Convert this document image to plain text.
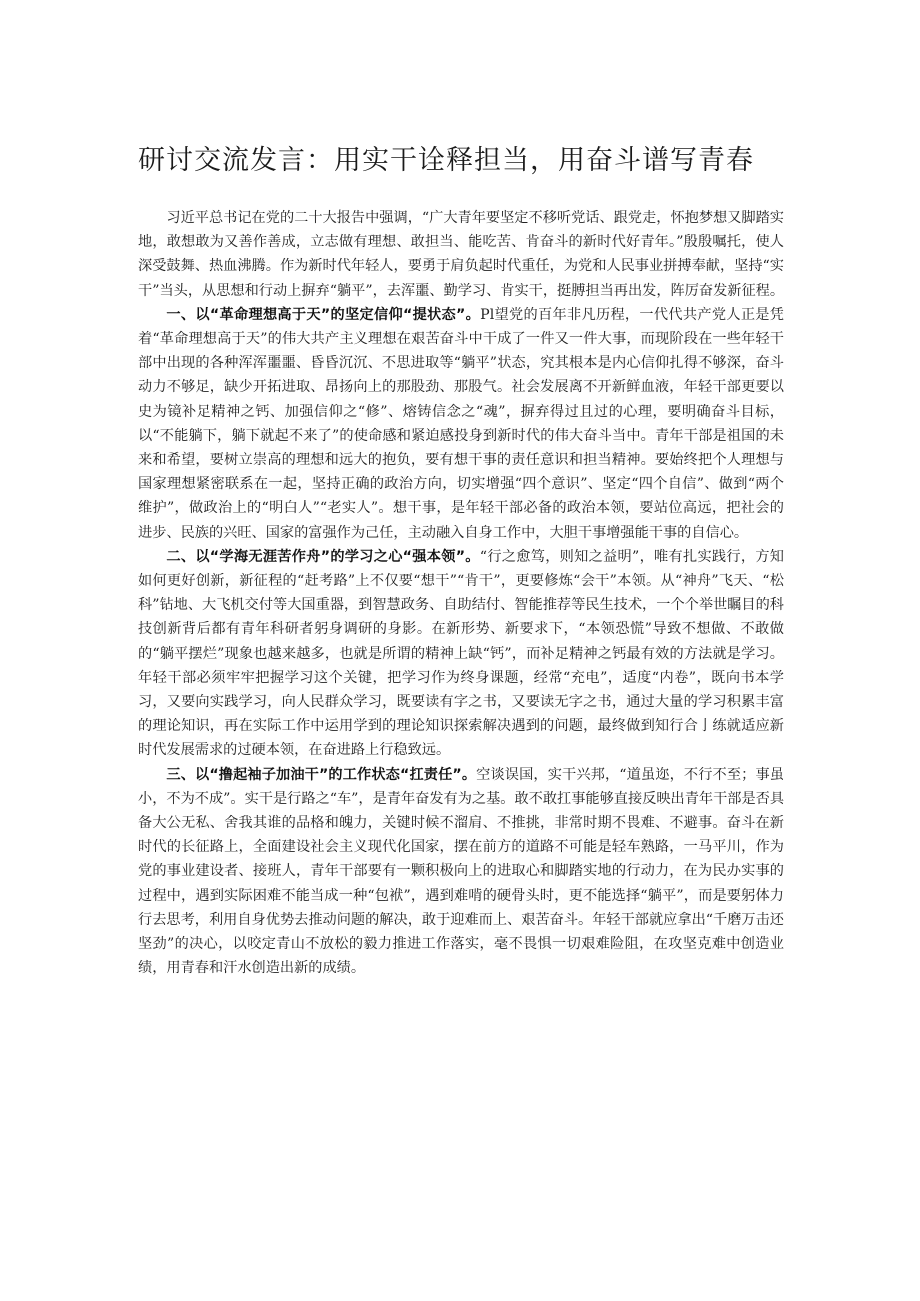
研讨交流发言：用实干诠释担当，用奋斗谱写青春

习近平总书记在党的二十大报告中强调，“广大青年要坚定不移听党话、跟党走，怀抱梦想又脚踏实地，敢想敢为又善作善成，立志做有理想、敢担当、能吃苦、肯奋斗的新时代好青年。”殷殷嘱托，使人深受鼓舞、热血沸腾。作为新时代年轻人，要勇于肩负起时代重任，为党和人民事业拼搏奉献，坚持“实干”当头，从思想和行动上摒弃“躺平”，去浑噩、勤学习、肯实干，挺膊担当再出发，阵厉奋发新征程。

一、以“革命理想高于天”的坚定信仰“提状态”。Pl望党的百年非凡历程，一代代共产党人正是凭着“革命理想高于天”的伟大共产主义理想在艰苦奋斗中干成了一件又一件大事，而现阶段在一些年轻干部中出现的各种浑浑噩噩、昏昏沉沉、不思进取等“躺平”状态，究其根本是内心信仰扎得不够深，奋斗动力不够足，缺少开拓进取、昂扬向上的那股劲、那股气。社会发展离不开新鲜血液，年轻干部更要以史为镜补足精神之钙、加强信仰之“修”、熔铸信念之“魂”，摒弃得过且过的心理，要明确奋斗目标，以“不能躺下，躺下就起不来了”的使命感和紧迫感投身到新时代的伟大奋斗当中。青年干部是祖国的未来和希望，要树立崇高的理想和远大的抱负，要有想干事的责任意识和担当精神。要始终把个人理想与国家理想紧密联系在一起，坚持正确的政治方向，切实增强“四个意识”、坚定“四个自信”、做到“两个维护”，做政治上的“明白人”“老实人”。想干事，是年轻干部必备的政治本领，要站位高远，把社会的进步、民族的兴旺、国家的富强作为己任，主动融入自身工作中，大胆干事增强能干事的自信心。

二、以“学海无涯苦作舟”的学习之心“强本领”。“行之愈笃，则知之益明”，唯有扎实践行，方知如何更好创新，新征程的“赶考路”上不仅要“想干”“肯干”，更要修炼“会干”本领。从“神舟”飞天、“松科”钻地、大飞机交付等大国重器，到智慧政务、自助结付、智能推荐等民生技术，一个个举世瞩目的科技创新背后都有青年科研者躬身调研的身影。在新形势、新要求下，“本领恐慌”导致不想做、不敢做的“躺平摆烂”现象也越来越多，也就是所谓的精神上缺“钙”，而补足精神之钙最有效的方法就是学习。年轻干部必须牢牢把握学习这个关键，把学习作为终身课题，经常“充电”，适度“内卷”，既向书本学习，又要向实践学习，向人民群众学习，既要读有字之书，又要读无字之书，通过大量的学习积累丰富的理论知识，再在实际工作中运用学到的理论知识探索解决遇到的问题，最终做到知行合亅练就适应新时代发展需求的过硬本领，在奋进路上行稳致远。

三、以“撸起袖子加油干”的工作状态“扛责任”。空谈误国，实干兴邦，“道虽迩，不行不至；事虽小，不为不成”。实干是行路之“车”，是青年奋发有为之基。敢不敢扛事能够直接反映出青年干部是否具备大公无私、舍我其谁的品格和魄力，关键时候不溜肩、不推挑，非常时期不畏难、不避事。奋斗在新时代的长征路上，全面建设社会主义现代化国家，摆在前方的道路不可能是轻车熟路，一马平川，作为党的事业建设者、接班人，青年干部要有一颗积极向上的进取心和脚踏实地的行动力，在为民办实事的过程中，遇到实际困难不能当成一种“包袱”，遇到难啃的硬骨头时，更不能选择“躺平”，而是要躬体力行去思考，利用自身优势去推动问题的解决，敢于迎难而上、艰苦奋斗。年轻干部就应拿出“千磨万击还坚劲”的决心，以咬定青山不放松的毅力推进工作落实，毫不畏惧一切艰难险阻，在攻坚克难中创造业绩，用青春和汗水创造出新的成绩。
